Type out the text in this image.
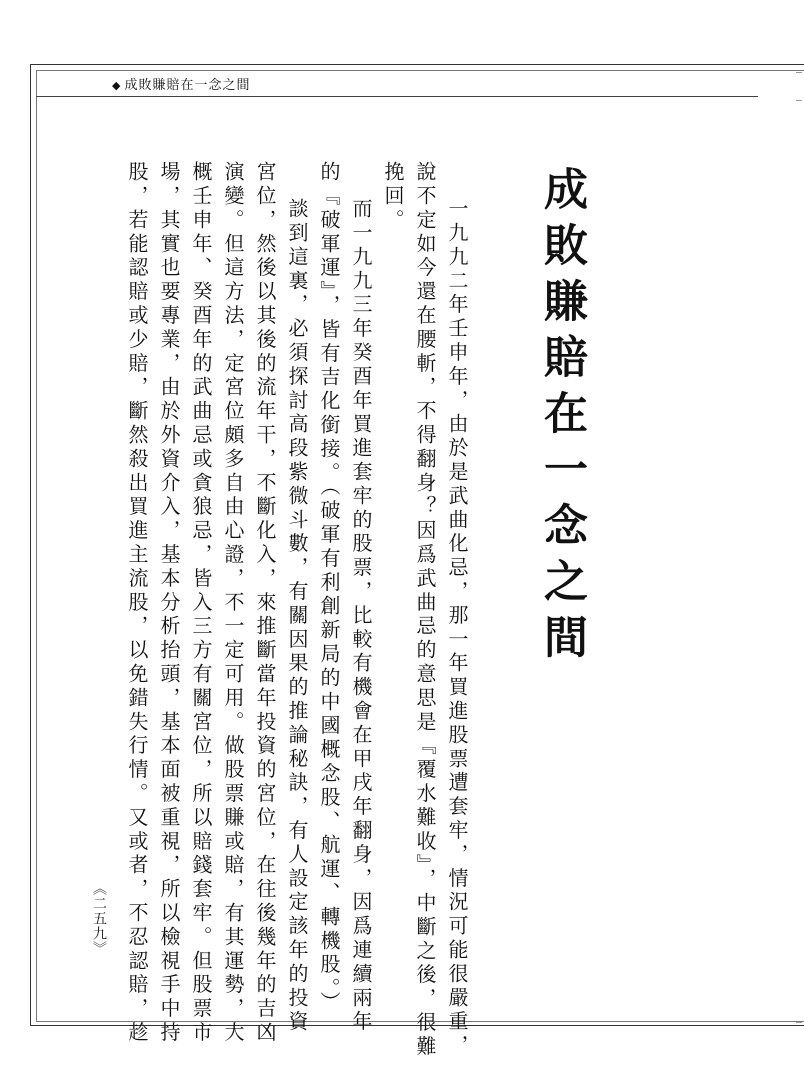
◆ 成敗賺賠在一念之間
成敗賺賠在一念之間
一九九二年壬申年，由於是武曲化忌，那一年買進股票遭套牢，情況可能很嚴重，
說不定如今還在腰斬，不得翻身？因爲武曲忌的意思是『覆水難收』，中斷之後，很難
挽回。
而一九九三年癸酉年買進套牢的股票，比較有機會在甲戌年翻身，因爲連續兩年
的『破軍運』，皆有吉化銜接。（破軍有利創新局的中國概念股、航運、轉機股。）
談到這裏，必須探討高段紫微斗數，有關因果的推論秘訣，有人設定該年的投資
宮位，然後以其後的流年干，不斷化入，來推斷當年投資的宮位，在往後幾年的吉凶
演變。但這方法，定宮位頗多自由心證，不一定可用。做股票賺或賠，有其運勢，大
概壬申年、癸酉年的武曲忌或貪狼忌，皆入三方有關宮位，所以賠錢套牢。但股票市
場，其實也要專業，由於外資介入，基本分析抬頭，基本面被重視，所以檢視手中持
股，若能認賠或少賠，斷然殺出買進主流股，以免錯失行情。又或者，不忍認賠，趁
《二五九》
